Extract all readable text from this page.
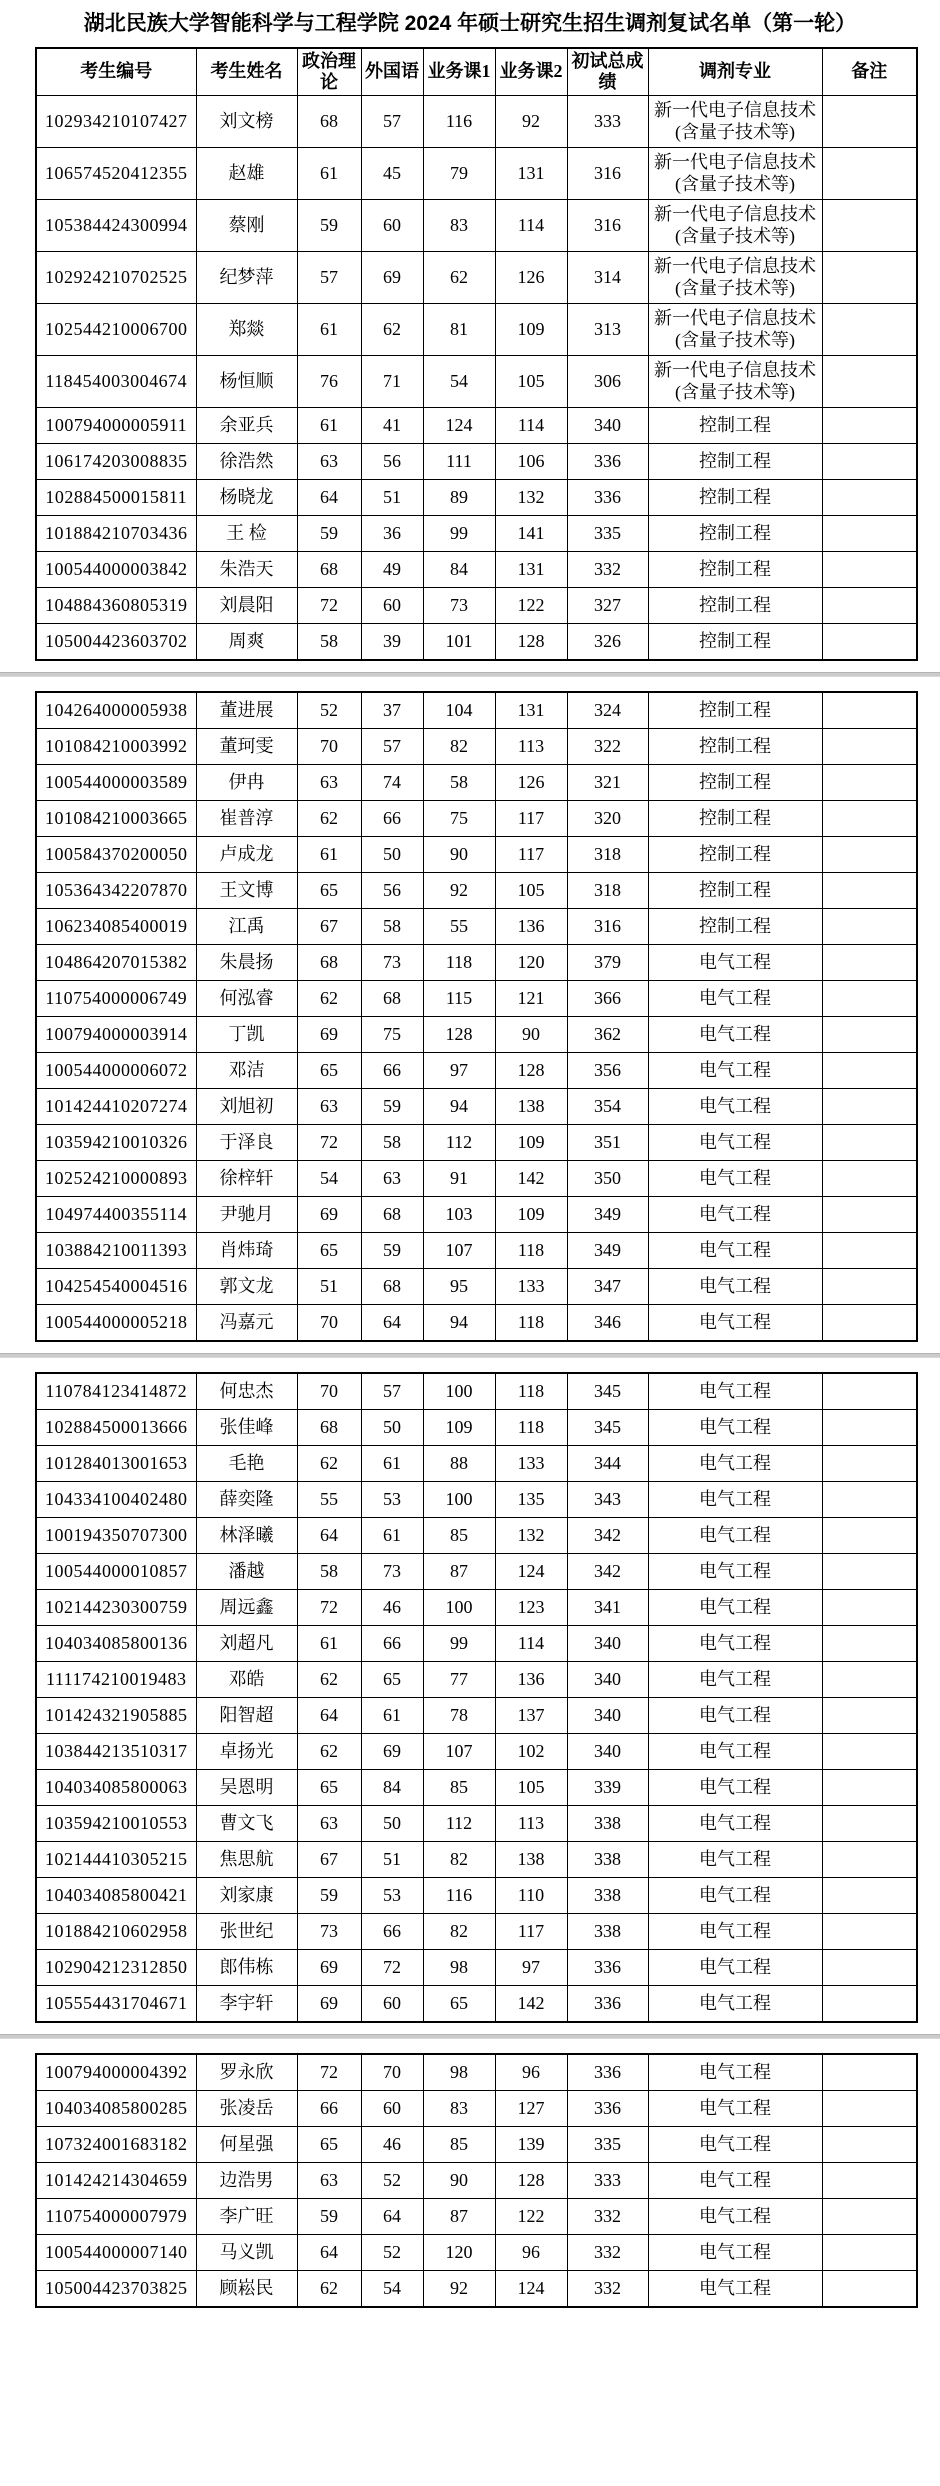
湖北民族大学智能科学与工程学院 2024 年硕士研究生招生调剂复试名单（第一轮）
考生编号	考生姓名	政治理论	外国语	业务课1	业务课2	初试总成绩	调剂专业	备注
102934210107427	刘文榜	68	57	116	92	333	新一代电子信息技术(含量子技术等)	
106574520412355	赵雄	61	45	79	131	316	新一代电子信息技术(含量子技术等)	
105384424300994	蔡刚	59	60	83	114	316	新一代电子信息技术(含量子技术等)	
102924210702525	纪梦萍	57	69	62	126	314	新一代电子信息技术(含量子技术等)	
102544210006700	郑燚	61	62	81	109	313	新一代电子信息技术(含量子技术等)	
118454003004674	杨恒顺	76	71	54	105	306	新一代电子信息技术(含量子技术等)	
100794000005911	余亚兵	61	41	124	114	340	控制工程	
106174203008835	徐浩然	63	56	111	106	336	控制工程	
102884500015811	杨晓龙	64	51	89	132	336	控制工程	
101884210703436	王 检	59	36	99	141	335	控制工程	
100544000003842	朱浩天	68	49	84	131	332	控制工程	
104884360805319	刘晨阳	72	60	73	122	327	控制工程	
105004423603702	周爽	58	39	101	128	326	控制工程	
104264000005938	董进展	52	37	104	131	324	控制工程	
101084210003992	董珂雯	70	57	82	113	322	控制工程	
100544000003589	伊冉	63	74	58	126	321	控制工程	
101084210003665	崔普淳	62	66	75	117	320	控制工程	
100584370200050	卢成龙	61	50	90	117	318	控制工程	
105364342207870	王文博	65	56	92	105	318	控制工程	
106234085400019	江禹	67	58	55	136	316	控制工程	
104864207015382	朱晨扬	68	73	118	120	379	电气工程	
110754000006749	何泓睿	62	68	115	121	366	电气工程	
100794000003914	丁凯	69	75	128	90	362	电气工程	
100544000006072	邓洁	65	66	97	128	356	电气工程	
101424410207274	刘旭初	63	59	94	138	354	电气工程	
103594210010326	于泽良	72	58	112	109	351	电气工程	
102524210000893	徐梓轩	54	63	91	142	350	电气工程	
104974400355114	尹驰月	69	68	103	109	349	电气工程	
103884210011393	肖炜琦	65	59	107	118	349	电气工程	
104254540004516	郭文龙	51	68	95	133	347	电气工程	
100544000005218	冯嘉元	70	64	94	118	346	电气工程	
110784123414872	何忠杰	70	57	100	118	345	电气工程	
102884500013666	张佳峰	68	50	109	118	345	电气工程	
101284013001653	毛艳	62	61	88	133	344	电气工程	
104334100402480	薛奕隆	55	53	100	135	343	电气工程	
100194350707300	林泽曦	64	61	85	132	342	电气工程	
100544000010857	潘越	58	73	87	124	342	电气工程	
102144230300759	周远鑫	72	46	100	123	341	电气工程	
104034085800136	刘超凡	61	66	99	114	340	电气工程	
111174210019483	邓皓	62	65	77	136	340	电气工程	
101424321905885	阳智超	64	61	78	137	340	电气工程	
103844213510317	卓扬光	62	69	107	102	340	电气工程	
104034085800063	吴恩明	65	84	85	105	339	电气工程	
103594210010553	曹文飞	63	50	112	113	338	电气工程	
102144410305215	焦思航	67	51	82	138	338	电气工程	
104034085800421	刘家康	59	53	116	110	338	电气工程	
101884210602958	张世纪	73	66	82	117	338	电气工程	
102904212312850	郎伟栋	69	72	98	97	336	电气工程	
105554431704671	李宇轩	69	60	65	142	336	电气工程	
100794000004392	罗永欣	72	70	98	96	336	电气工程	
104034085800285	张凌岳	66	60	83	127	336	电气工程	
107324001683182	何星强	65	46	85	139	335	电气工程	
101424214304659	边浩男	63	52	90	128	333	电气工程	
110754000007979	李广旺	59	64	87	122	332	电气工程	
100544000007140	马义凯	64	52	120	96	332	电气工程	
105004423703825	顾崧民	62	54	92	124	332	电气工程	
